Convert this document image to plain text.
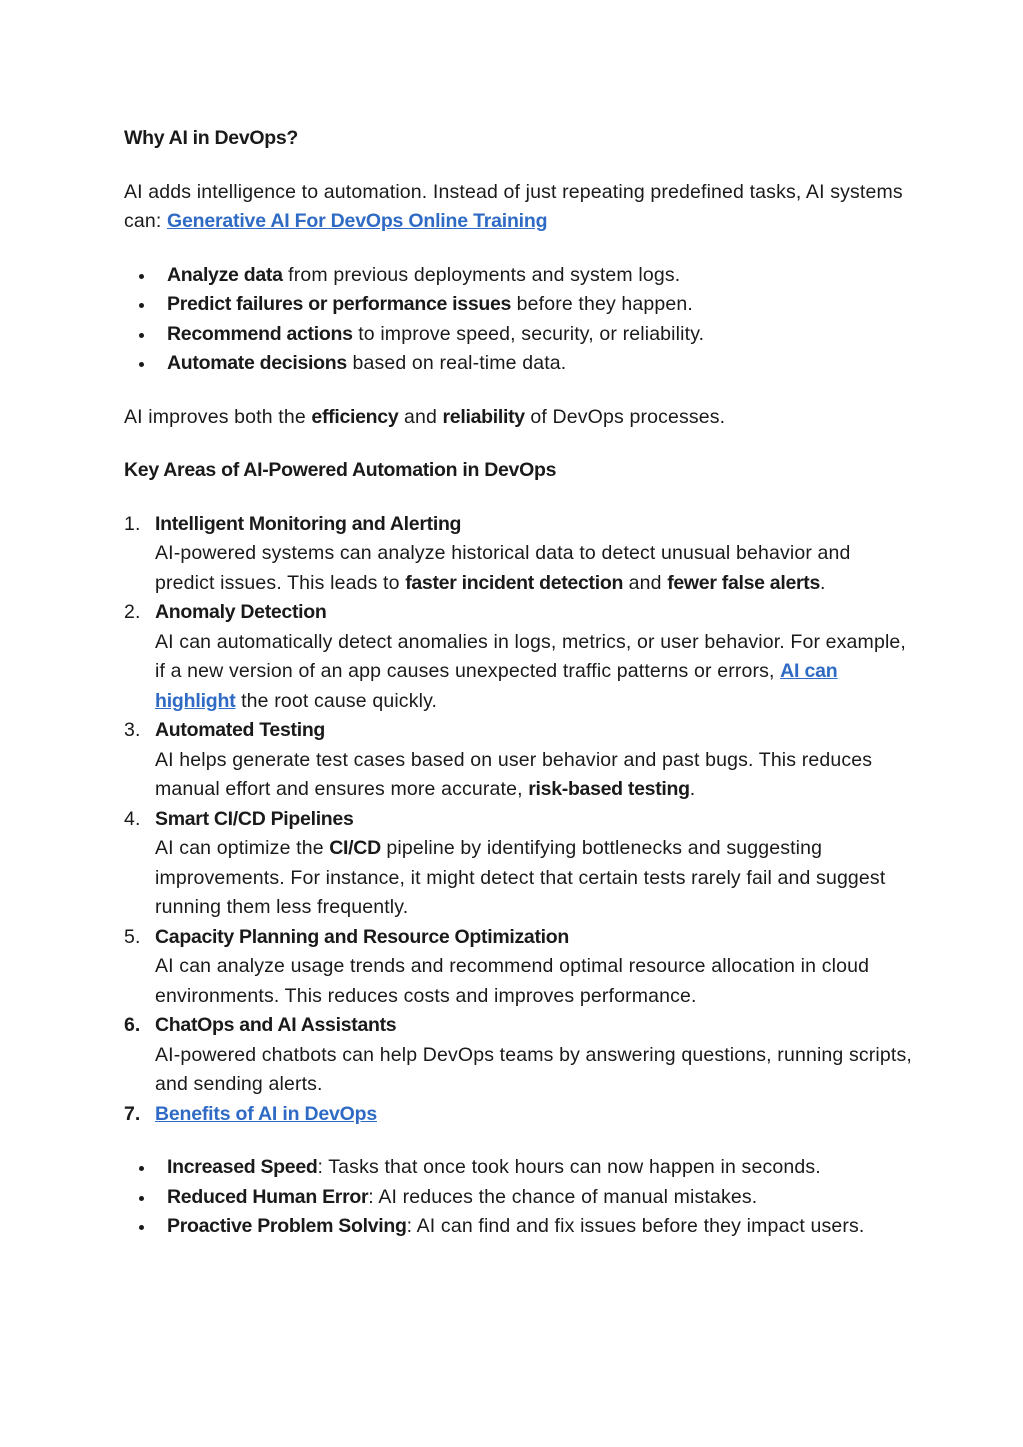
Why AI in DevOps?

AI adds intelligence to automation. Instead of just repeating predefined tasks, AI systems can: Generative AI For DevOps Online Training

Analyze data from previous deployments and system logs.
Predict failures or performance issues before they happen.
Recommend actions to improve speed, security, or reliability.
Automate decisions based on real-time data.

AI improves both the efficiency and reliability of DevOps processes.

Key Areas of AI-Powered Automation in DevOps

1. Intelligent Monitoring and Alerting
AI-powered systems can analyze historical data to detect unusual behavior and predict issues. This leads to faster incident detection and fewer false alerts.
2. Anomaly Detection
AI can automatically detect anomalies in logs, metrics, or user behavior. For example, if a new version of an app causes unexpected traffic patterns or errors, AI can highlight the root cause quickly.
3. Automated Testing
AI helps generate test cases based on user behavior and past bugs. This reduces manual effort and ensures more accurate, risk-based testing.
4. Smart CI/CD Pipelines
AI can optimize the CI/CD pipeline by identifying bottlenecks and suggesting improvements. For instance, it might detect that certain tests rarely fail and suggest running them less frequently.
5. Capacity Planning and Resource Optimization
AI can analyze usage trends and recommend optimal resource allocation in cloud environments. This reduces costs and improves performance.
6. ChatOps and AI Assistants
AI-powered chatbots can help DevOps teams by answering questions, running scripts, and sending alerts.
7. Benefits of AI in DevOps
Increased Speed: Tasks that once took hours can now happen in seconds.
Reduced Human Error: AI reduces the chance of manual mistakes.
Proactive Problem Solving: AI can find and fix issues before they impact users.
